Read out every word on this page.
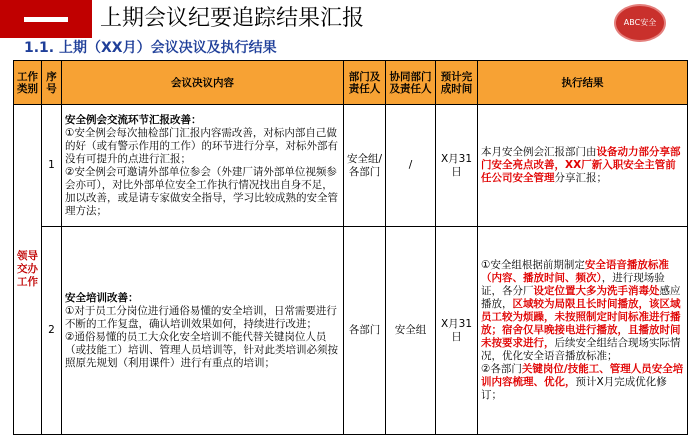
上期会议纪要追踪结果汇报	ABC安全
1.1. 上期（XX月）会议决议及执行结果
工作类别	序号	会议决议内容	部门及责任人	协同部门及责任人	预计完成时间	执行结果
领导交办工作	1	安全例会交流环节汇报改善：
①安全例会每次抽检部门汇报内容需改善，对标内部自己做的好（或有警示作用的工作）的环节进行分享，对标外部有没有可提升的点进行汇报；
②安全例会可邀请外部单位参会（外建厂请外部单位视频参会亦可），对比外部单位安全工作执行情况找出自身不足，加以改善，或是请专家做安全指导，学习比较成熟的安全管理方法；	安全组/各部门	/	X月31日	本月安全例会汇报部门由设备动力部分享部门安全亮点改善，XX厂新入职安全主管前任公司安全管理分享汇报；
	2	安全培训改善：
①对于员工分岗位进行通俗易懂的安全培训，日常需要进行不断的工作复盘，确认培训效果如何，持续进行改进；
②通俗易懂的员工大众化安全培训不能代替关键岗位人员（或技能工）培训、管理人员培训等，针对此类培训必须按照原先规划（利用课件）进行有重点的培训；	各部门	安全组	X月31日	①安全组根据前期制定安全语音播放标准（内容、播放时间、频次），进行现场验证，各分厂设定位置大多为洗手消毒处感应播放，区域较为局限且长时间播放，该区域员工较为烦躁，未按照制定时间标准进行播放；宿舍仅早晚接电进行播放，且播放时间未按要求进行，后续安全组结合现场实际情况，优化安全语音播放标准；
②各部门关键岗位/技能工、管理人员安全培训内容梳理、优化，预计X月完成优化修订；
